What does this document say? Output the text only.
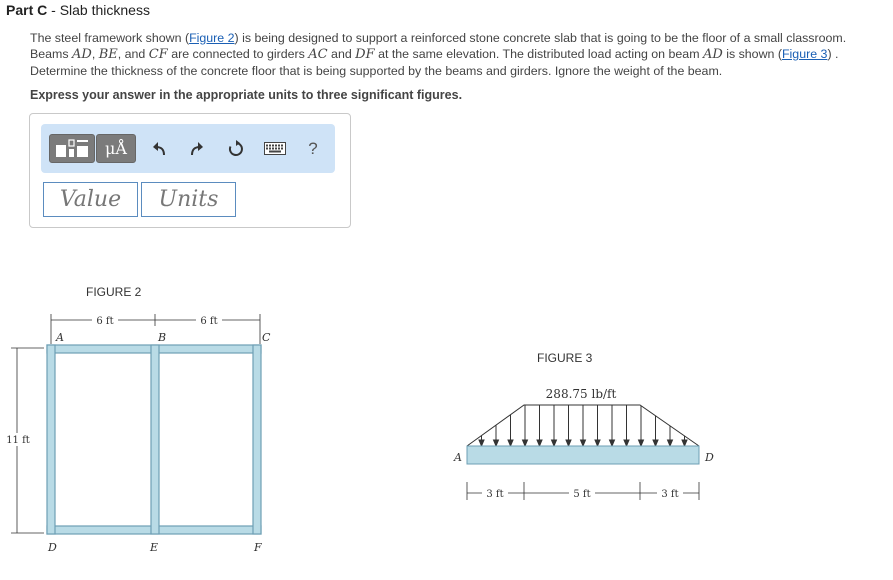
Part C - Slab thickness
The steel framework shown (Figure 2) is being designed to support a reinforced stone concrete slab that is going to be the floor of a small classroom. Beams AD, BE, and CF are connected to girders AC and DF at the same elevation. The distributed load acting on beam AD is shown (Figure 3) . Determine the thickness of the concrete floor that is being supported by the beams and girders. Ignore the weight of the beam.
Express your answer in the appropriate units to three significant figures.
μÅ	?
Value	Units
FIGURE 2
6 ft	6 ft
11 ft
A	B	C
D	E	F
FIGURE 3
288.75 lb/ft
A	D
3 ft	5 ft	3 ft
